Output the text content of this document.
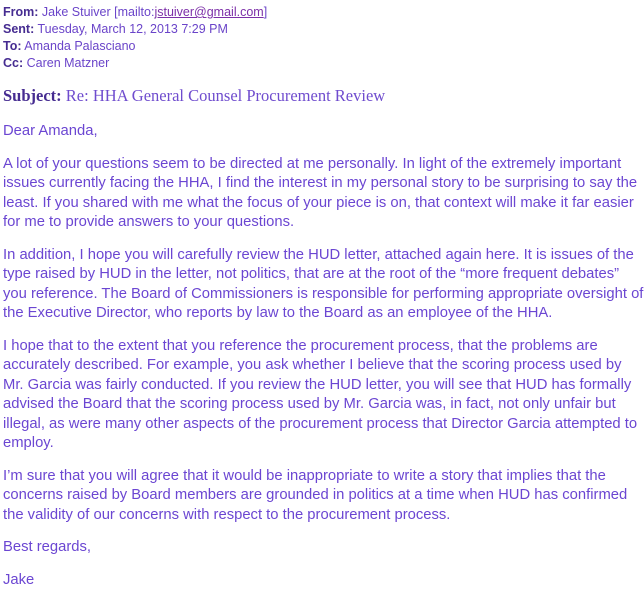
From: Jake Stuiver [mailto:jstuiver@gmail.com]
Sent: Tuesday, March 12, 2013 7:29 PM
To: Amanda Palasciano
Cc: Caren Matzner
Subject: Re: HHA General Counsel Procurement Review

Dear Amanda,

A lot of your questions seem to be directed at me personally. In light of the extremely important issues currently facing the HHA, I find the interest in my personal story to be surprising to say the least. If you shared with me what the focus of your piece is on, that context will make it far easier for me to provide answers to your questions.

In addition, I hope you will carefully review the HUD letter, attached again here. It is issues of the type raised by HUD in the letter, not politics, that are at the root of the “more frequent debates” you reference. The Board of Commissioners is responsible for performing appropriate oversight of the Executive Director, who reports by law to the Board as an employee of the HHA.

I hope that to the extent that you reference the procurement process, that the problems are accurately described. For example, you ask whether I believe that the scoring process used by Mr. Garcia was fairly conducted. If you review the HUD letter, you will see that HUD has formally advised the Board that the scoring process used by Mr. Garcia was, in fact, not only unfair but illegal, as were many other aspects of the procurement process that Director Garcia attempted to employ.

I’m sure that you will agree that it would be inappropriate to write a story that implies that the concerns raised by Board members are grounded in politics at a time when HUD has confirmed the validity of our concerns with respect to the procurement process.

Best regards,

Jake
